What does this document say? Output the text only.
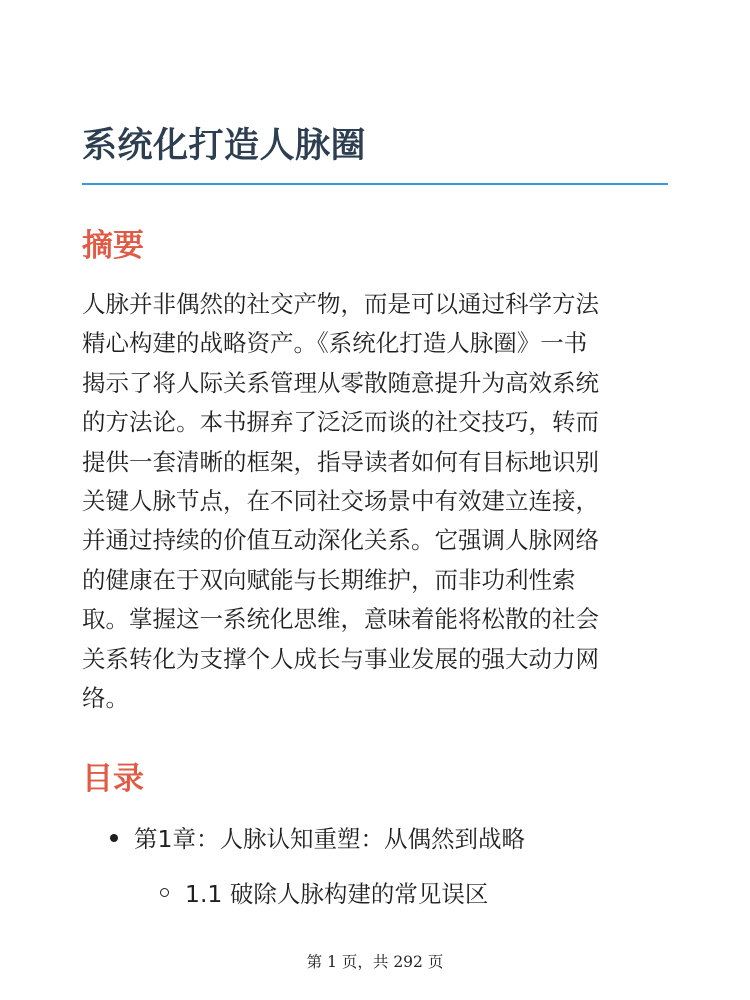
系统化打造人脉圈
摘要

人脉并非偶然的社交产物，而是可以通过科学方法
精心构建的战略资产。《系统化打造人脉圈》一书
揭示了将人际关系管理从零散随意提升为高效系统
的方法论。本书摒弃了泛泛而谈的社交技巧，转而
提供一套清晰的框架，指导读者如何有目标地识别
关键人脉节点，在不同社交场景中有效建立连接，
并通过持续的价值互动深化关系。它强调人脉网络
的健康在于双向赋能与长期维护，而非功利性索
取。掌握这一系统化思维，意味着能将松散的社会
关系转化为支撑个人成长与事业发展的强大动力网
络。

目录
第1章：人脉认知重塑：从偶然到战略
1.1 破除人脉构建的常见误区
第 1 页，共 292 页
